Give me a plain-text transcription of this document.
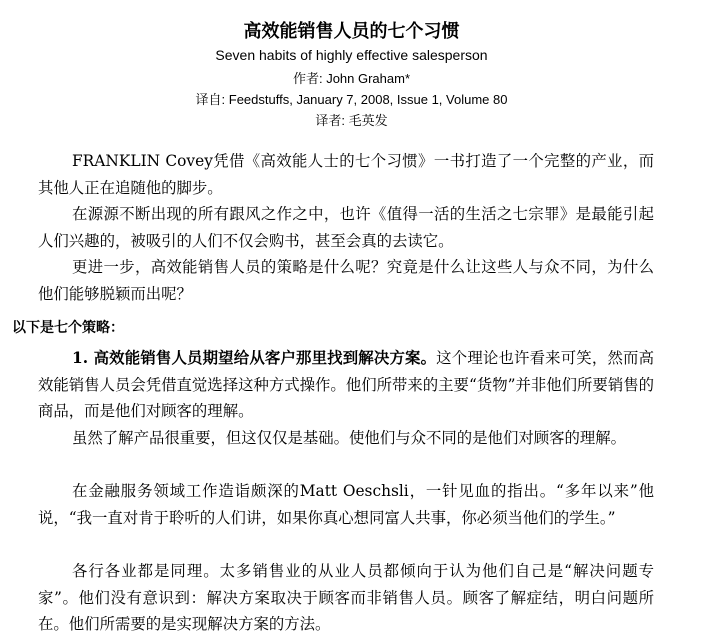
高效能销售人员的七个习惯
Seven habits of highly effective salesperson
作者: John Graham*
译自: Feedstuffs, January 7, 2008, Issue 1, Volume 80
译者: 毛英发

FRANKLIN Covey凭借《高效能人士的七个习惯》一书打造了一个完整的产业，而其他人正在追随他的脚步。

在源源不断出现的所有跟风之作之中，也许《值得一活的生活之七宗罪》是最能引起人们兴趣的，被吸引的人们不仅会购书，甚至会真的去读它。

更进一步，高效能销售人员的策略是什么呢？究竟是什么让这些人与众不同，为什么他们能够脱颖而出呢？

以下是七个策略：

1. 高效能销售人员期望给从客户那里找到解决方案。这个理论也许看来可笑，然而高效能销售人员会凭借直觉选择这种方式操作。他们所带来的主要“货物”并非他们所要销售的商品，而是他们对顾客的理解。

虽然了解产品很重要，但这仅仅是基础。使他们与众不同的是他们对顾客的理解。

在金融服务领域工作造诣颇深的Matt Oeschsli，一针见血的指出。“多年以来”他说，“我一直对肯于聆听的人们讲，如果你真心想同富人共事，你必须当他们的学生。”

各行各业都是同理。太多销售业的从业人员都倾向于认为他们自己是“解决问题专家”。他们没有意识到：解决方案取决于顾客而非销售人员。顾客了解症结，明白问题所在。他们所需要的是实现解决方案的方法。
